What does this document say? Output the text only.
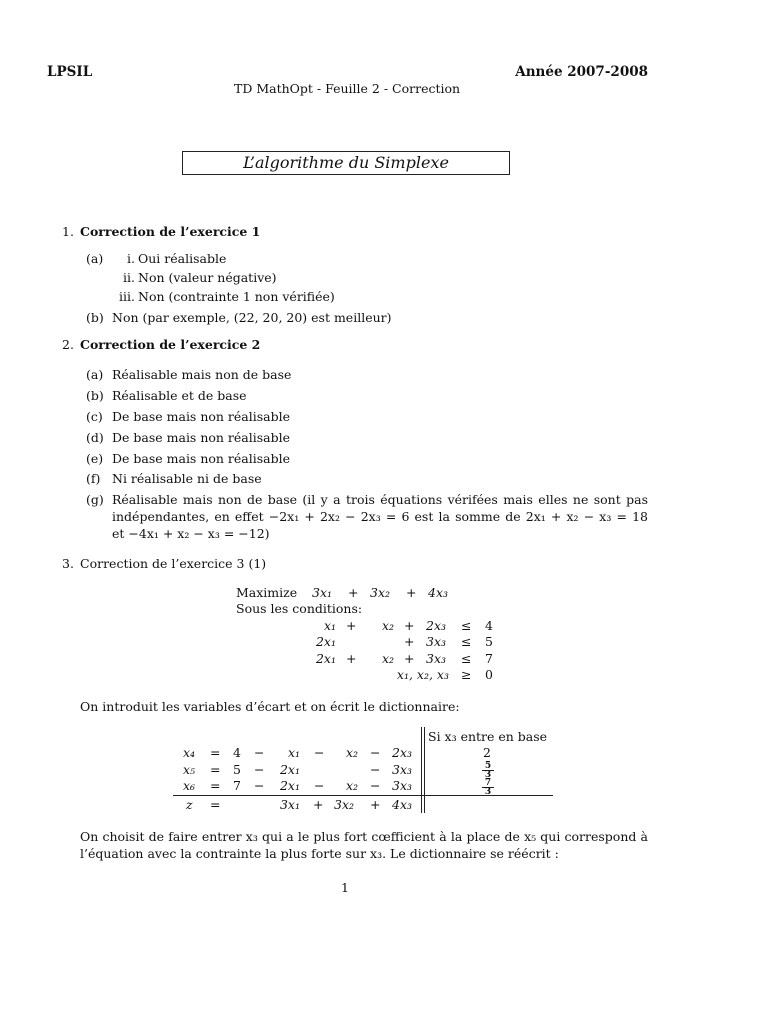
LPSIL	Année 2007-2008
TD MathOpt - Feuille 2 - Correction
L’algorithme du Simplexe
1. Correction de l’exercice 1
(a)	i. Oui réalisable
ii. Non (valeur négative)
iii. Non (contrainte 1 non vérifiée)
(b) Non (par exemple, (22, 20, 20) est meilleur)
2. Correction de l’exercice 2
(a) Réalisable mais non de base
(b) Réalisable et de base
(c) De base mais non réalisable
(d) De base mais non réalisable
(e) De base mais non réalisable
(f) Ni réalisable ni de base
(g) Réalisable mais non de base (il y a trois équations vérifées mais elles ne sont pas
indépendantes, en effet −2x₁ + 2x₂ − 2x₃ = 6 est la somme de 2x₁ + x₂ − x₃ = 18
et −4x₁ + x₂ − x₃ = −12)
3. Correction de l’exercice 3 (1)
Maximize 3x₁ + 3x₂ + 4x₃
Sous les conditions:
x₁ +	x₂ + 2x₃ ≤ 4
2x₁	+ 3x₃ ≤ 5
2x₁ +	x₂ + 3x₃ ≤ 7
x₁, x₂, x₃ ≥ 0
On introduit les variables d’écart et on écrit le dictionnaire:
Si x₃ entre en base
x₄ = 4 −	x₁ −	x₂ − 2x₃	2
x₅ = 5 −	2x₁	− 3x₃	$\frac{5}{3}$
x₆ = 7 −	2x₁ −	x₂ − 3x₃	$\frac{7}{3}$
z =	3x₁ + 3x₂ + 4x₃
On choisit de faire entrer x₃ qui a le plus fort cœfficient à la place de x₅ qui correspond à
l’équation avec la contrainte la plus forte sur x₃. Le dictionnaire se réécrit :
1
